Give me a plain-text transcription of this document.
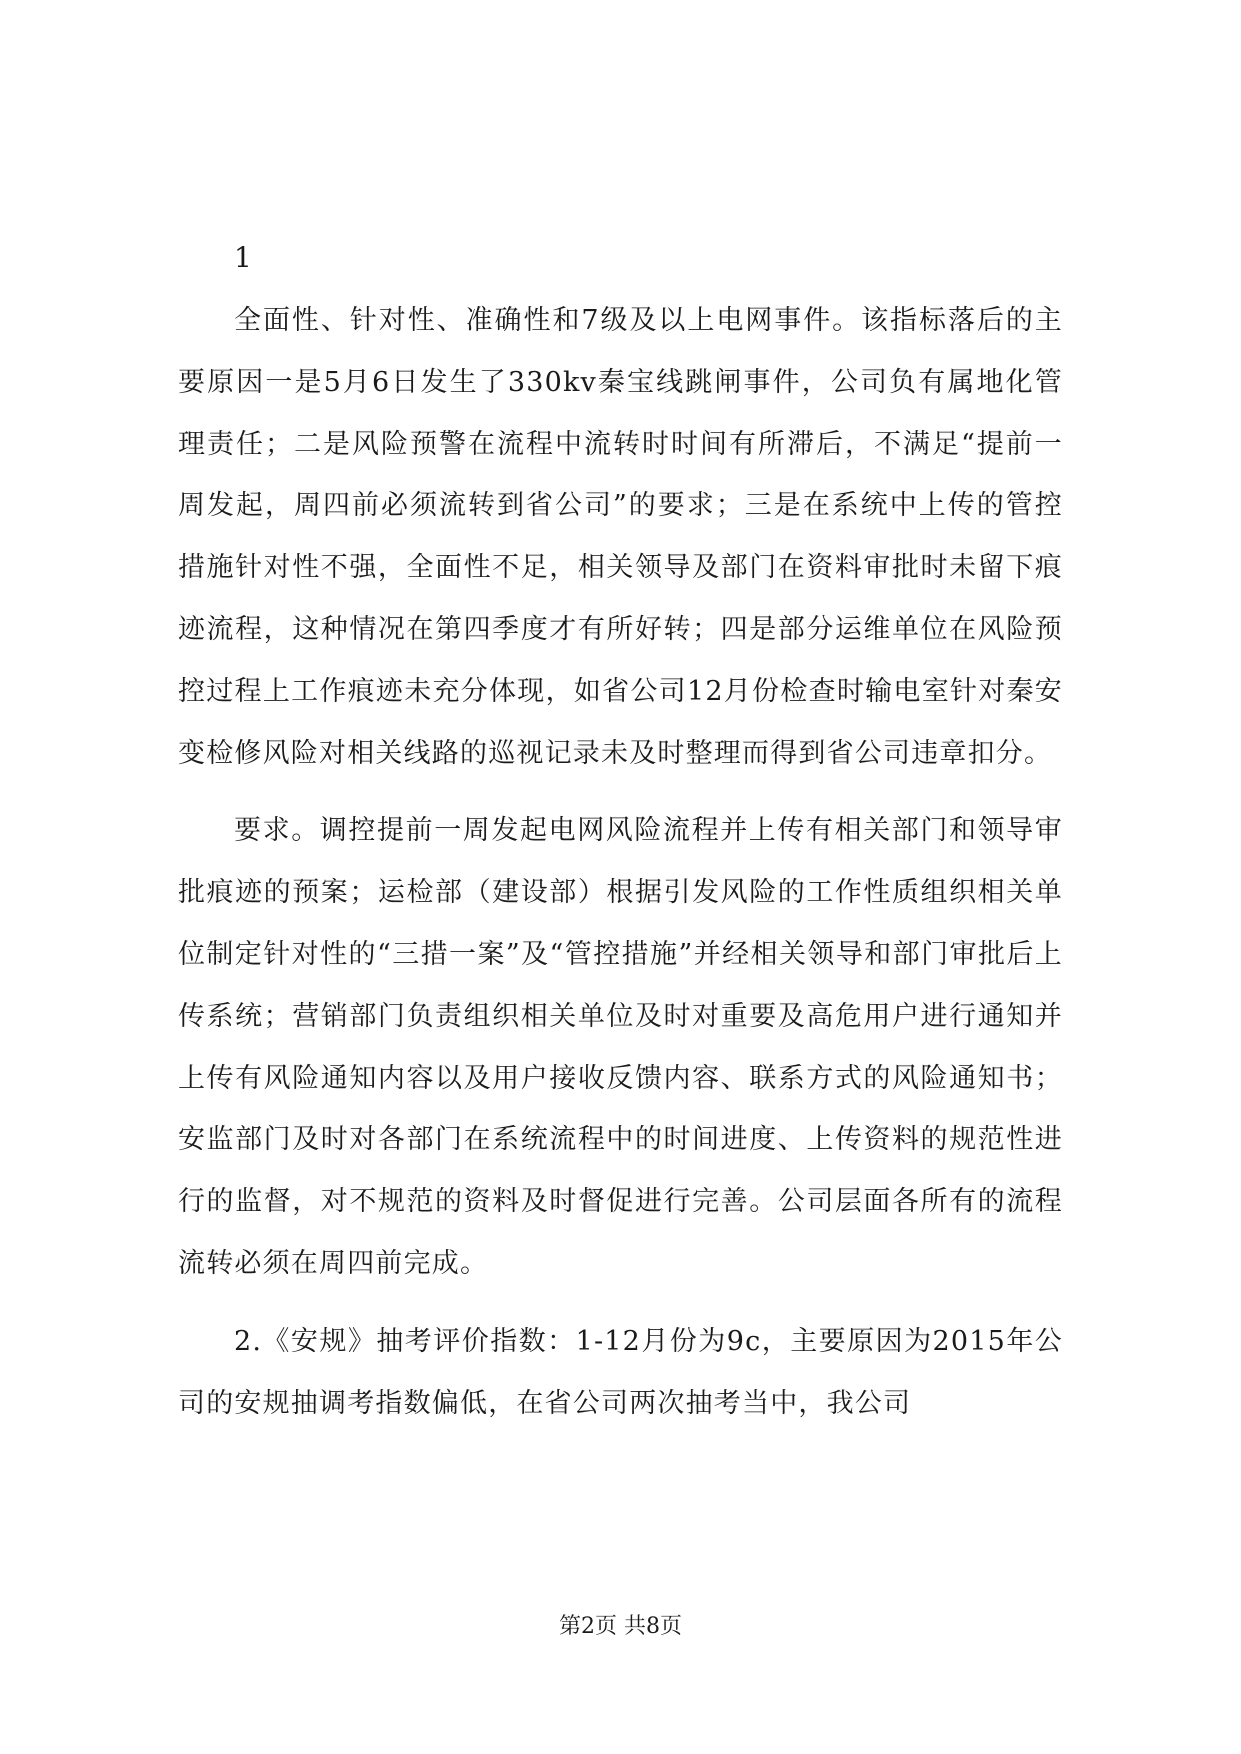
1

全面性、针对性、准确性和7级及以上电网事件。该指标落后的主要原因一是5月6日发生了330kv秦宝线跳闸事件，公司负有属地化管理责任；二是风险预警在流程中流转时时间有所滞后，不满足“提前一周发起，周四前必须流转到省公司”的要求；三是在系统中上传的管控措施针对性不强，全面性不足，相关领导及部门在资料审批时未留下痕迹流程，这种情况在第四季度才有所好转；四是部分运维单位在风险预控过程上工作痕迹未充分体现，如省公司12月份检查时输电室针对秦安变检修风险对相关线路的巡视记录未及时整理而得到省公司违章扣分。

要求。调控提前一周发起电网风险流程并上传有相关部门和领导审批痕迹的预案；运检部（建设部）根据引发风险的工作性质组织相关单位制定针对性的“三措一案”及“管控措施”并经相关领导和部门审批后上传系统；营销部门负责组织相关单位及时对重要及高危用户进行通知并上传有风险通知内容以及用户接收反馈内容、联系方式的风险通知书；安监部门及时对各部门在系统流程中的时间进度、上传资料的规范性进行的监督，对不规范的资料及时督促进行完善。公司层面各所有的流程流转必须在周四前完成。

2.《安规》抽考评价指数：1-12月份为9c，主要原因为2015年公司的安规抽调考指数偏低，在省公司两次抽考当中，我公司

第2页 共8页
